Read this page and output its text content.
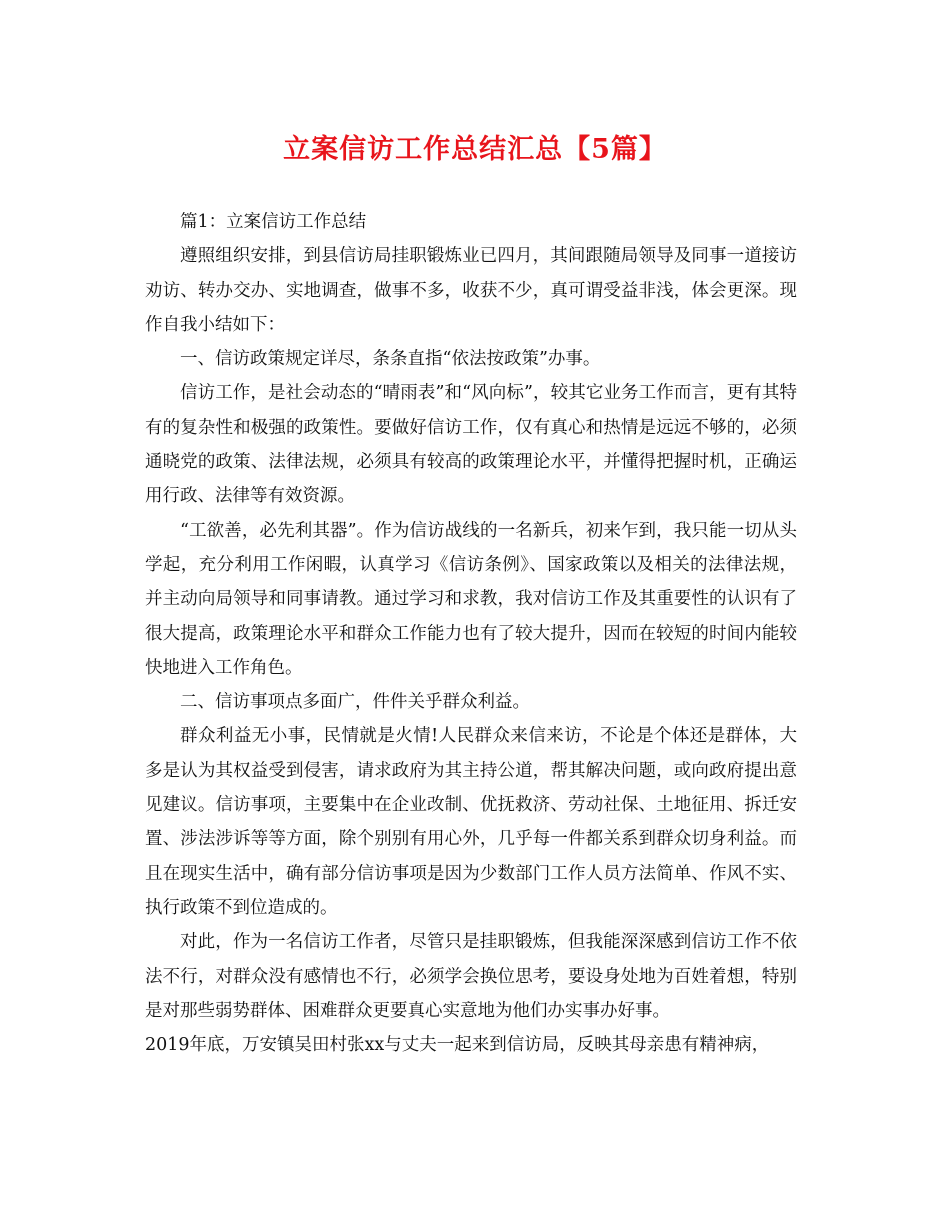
立案信访工作总结汇总【5篇】

篇1：立案信访工作总结

遵照组织安排，到县信访局挂职锻炼业已四月，其间跟随局领导及同事一道接访劝访、转办交办、实地调查，做事不多，收获不少，真可谓受益非浅，体会更深。现作自我小结如下：

一、信访政策规定详尽，条条直指“依法按政策”办事。

信访工作，是社会动态的“晴雨表”和“风向标”，较其它业务工作而言，更有其特有的复杂性和极强的政策性。要做好信访工作，仅有真心和热情是远远不够的，必须通晓党的政策、法律法规，必须具有较高的政策理论水平，并懂得把握时机，正确运用行政、法律等有效资源。

“工欲善，必先利其器”。作为信访战线的一名新兵，初来乍到，我只能一切从头学起，充分利用工作闲暇，认真学习《信访条例》、国家政策以及相关的法律法规，并主动向局领导和同事请教。通过学习和求教，我对信访工作及其重要性的认识有了很大提高，政策理论水平和群众工作能力也有了较大提升，因而在较短的时间内能较快地进入工作角色。

二、信访事项点多面广，件件关乎群众利益。

群众利益无小事，民情就是火情!人民群众来信来访，不论是个体还是群体，大多是认为其权益受到侵害，请求政府为其主持公道，帮其解决问题，或向政府提出意见建议。信访事项，主要集中在企业改制、优抚救济、劳动社保、土地征用、拆迁安置、涉法涉诉等等方面，除个别别有用心外，几乎每一件都关系到群众切身利益。而且在现实生活中，确有部分信访事项是因为少数部门工作人员方法简单、作风不实、执行政策不到位造成的。

对此，作为一名信访工作者，尽管只是挂职锻炼，但我能深深感到信访工作不依法不行，对群众没有感情也不行，必须学会换位思考，要设身处地为百姓着想，特别是对那些弱势群体、困难群众更要真心实意地为他们办实事办好事。

2019年底，万安镇吴田村张xx与丈夫一起来到信访局，反映其母亲患有精神病，
